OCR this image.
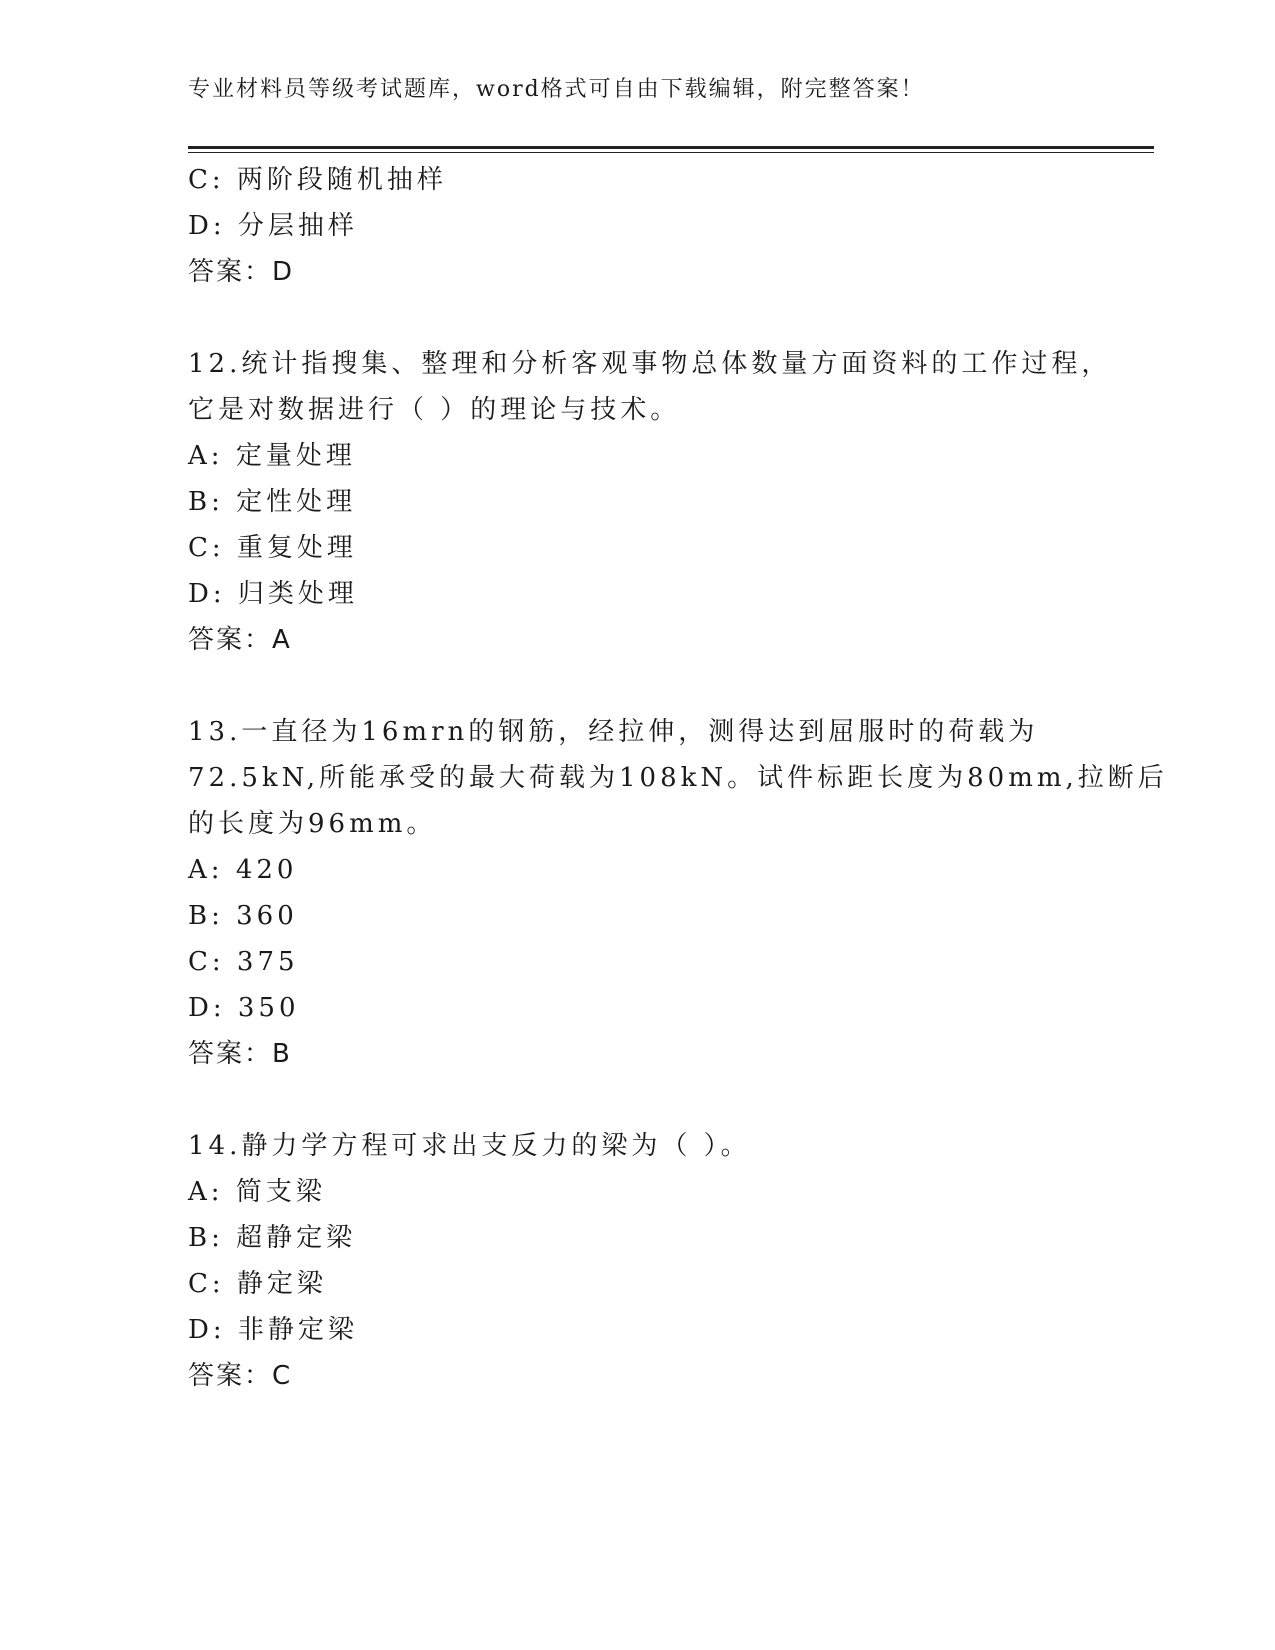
专业材料员等级考试题库，word格式可自由下载编辑，附完整答案！
C: 两阶段随机抽样
D: 分层抽样
答案：D
12.统计指搜集、整理和分析客观事物总体数量方面资料的工作过程，
它是对数据进行（ ）的理论与技术。
A: 定量处理
B: 定性处理
C: 重复处理
D: 归类处理
答案：A
13.一直径为16mrn的钢筋，经拉伸，测得达到屈服时的荷载为
72.5kN,所能承受的最大荷载为108kN。试件标距长度为80mm,拉断后
的长度为96mm。
A: 420
B: 360
C: 375
D: 350
答案：B
14.静力学方程可求出支反力的梁为（ ）。
A: 简支梁
B: 超静定梁
C: 静定梁
D: 非静定梁
答案：C
